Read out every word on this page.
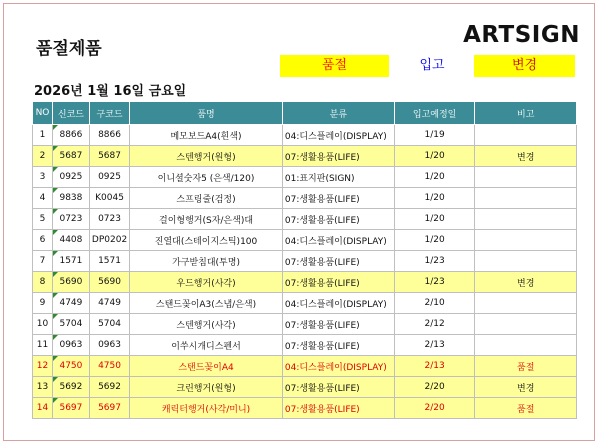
품절제품
ARTSIGN
품절	입고	변경
2026년 1월 16일 금요일
NO	신코드	구코드	품명	분류	입고예정일	비고
1	8866	8866	메모보드A4(흰색)	04:디스플레이(DISPLAY)	1/19	
2	5687	5687	스텐행거(원형)	07:생활용품(LIFE)	1/20	변경
3	0925	0925	이니셜숫자5 (은색/120)	01:표지판(SIGN)	1/20	
4	9838	K0045	스프링줄(검정)	07:생활용품(LIFE)	1/20	
5	0723	0723	걸이형행거(S자/은색)대	07:생활용품(LIFE)	1/20	
6	4408	DP0202	진열대(스테이지스틱)100	04:디스플레이(DISPLAY)	1/20	
7	1571	1571	가구받침대(투명)	07:생활용품(LIFE)	1/23	
8	5690	5690	우드행거(사각)	07:생활용품(LIFE)	1/23	변경
9	4749	4749	스탠드꽂이A3(스냅/은색)	04:디스플레이(DISPLAY)	2/10	
10	5704	5704	스텐행거(사각)	07:생활용품(LIFE)	2/12	
11	0963	0963	이쑤시개디스펜서	07:생활용품(LIFE)	2/13	
12	4750	4750	스탠드꽂이A4	04:디스플레이(DISPLAY)	2/13	품절
13	5692	5692	크린행거(원형)	07:생활용품(LIFE)	2/20	변경
14	5697	5697	캐릭터행거(사각/미니)	07:생활용품(LIFE)	2/20	품절
